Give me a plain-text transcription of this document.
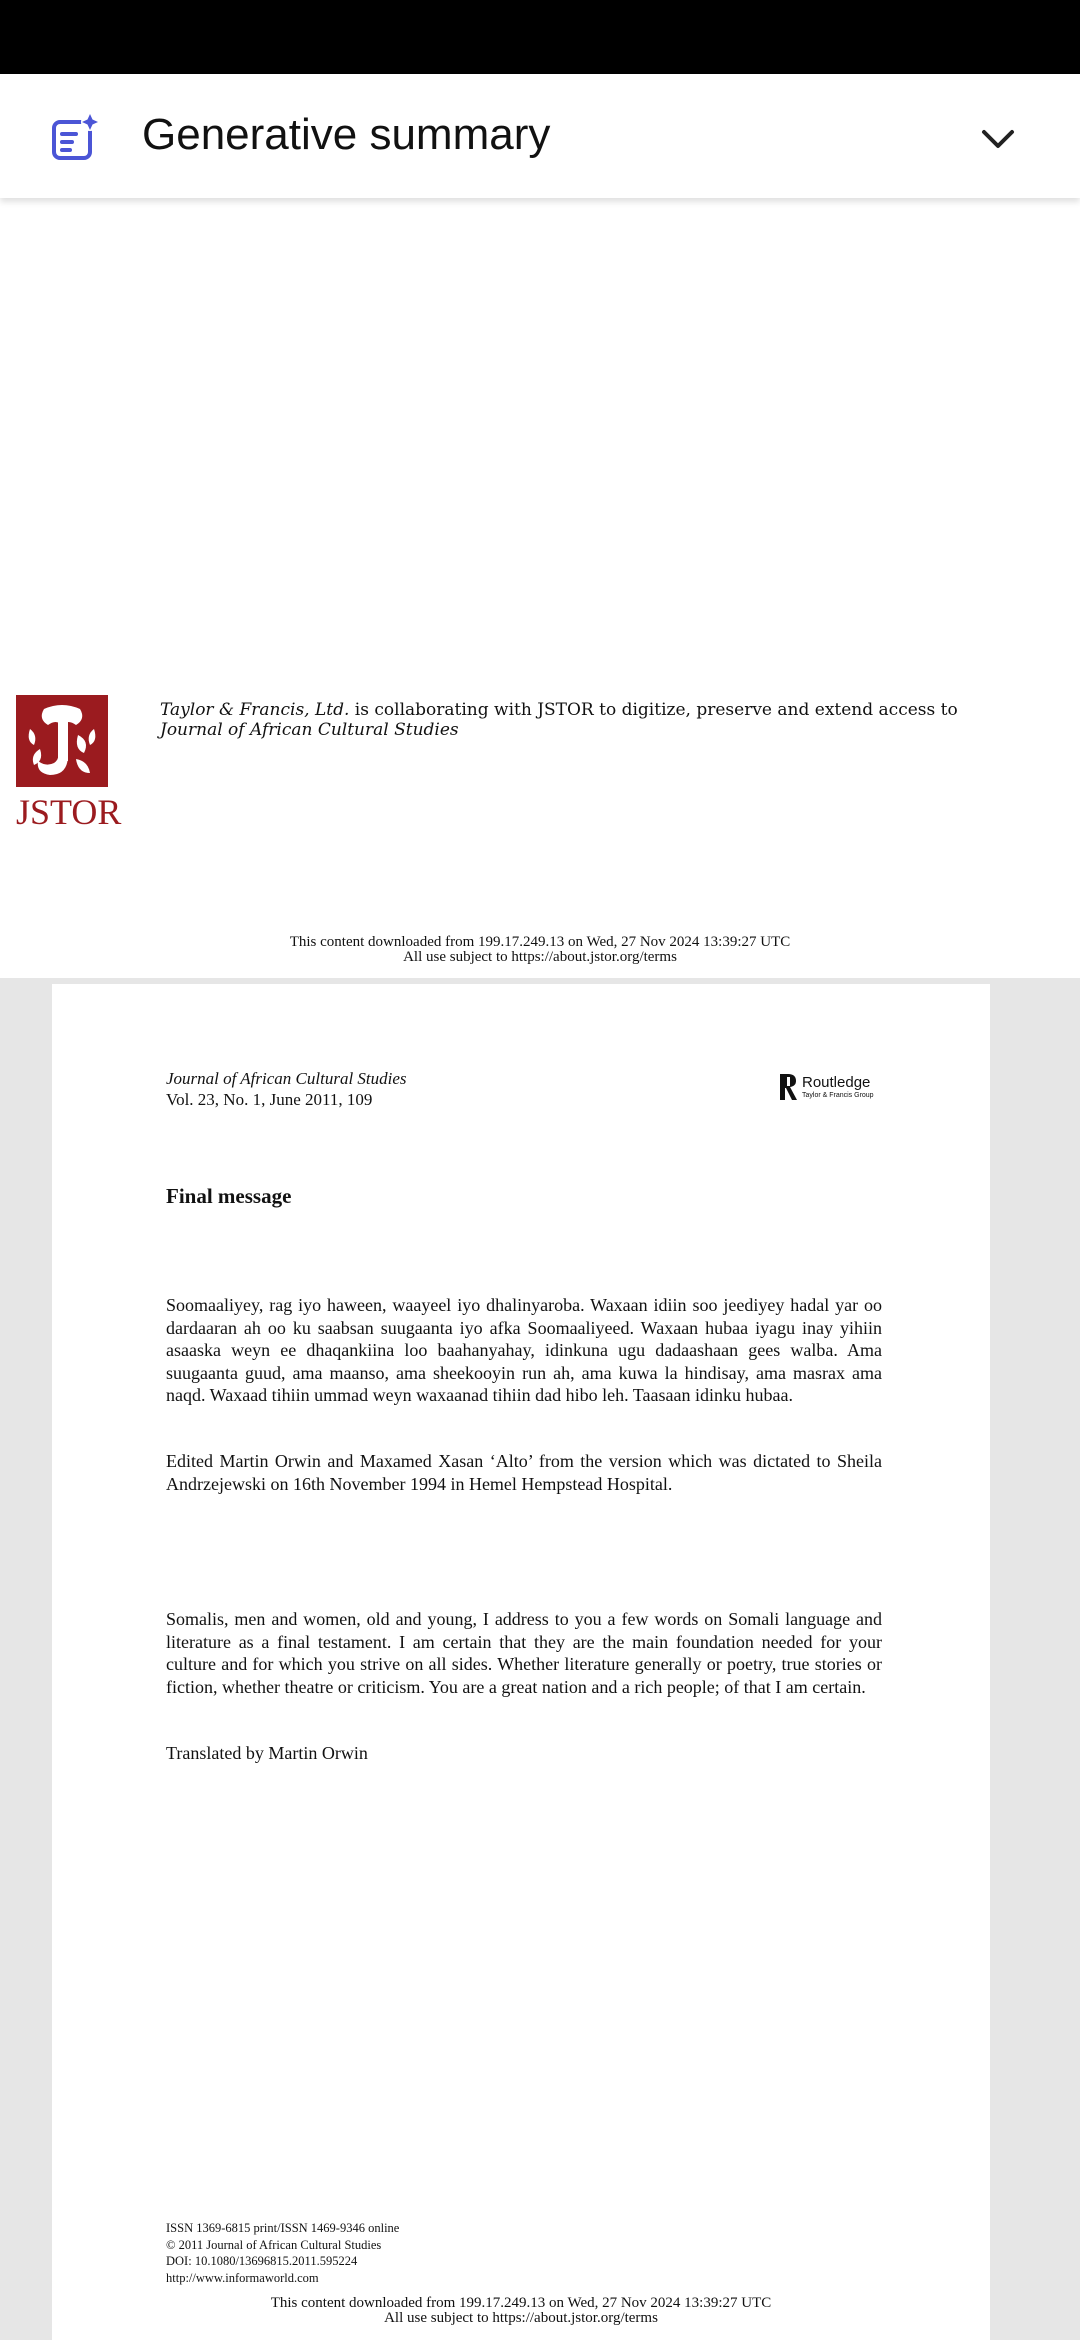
Generative summary
JSTOR
Taylor & Francis, Ltd. is collaborating with JSTOR to digitize, preserve and extend access to
Journal of African Cultural Studies
This content downloaded from 199.17.249.13 on Wed, 27 Nov 2024 13:39:27 UTC
All use subject to https://about.jstor.org/terms
Journal of African Cultural Studies
Vol. 23, No. 1, June 2011, 109
Routledge
Taylor & Francis Group
Final message
Soomaaliyey, rag iyo haween, waayeel iyo dhalinyaroba. Waxaan idiin soo jeediyey hadal yar oo dardaaran ah oo ku saabsan suugaanta iyo afka Soomaaliyeed. Waxaan hubaa iyagu inay yihiin asaaska weyn ee dhaqankiina loo baahanyahay, idinkuna ugu dadaashaan gees walba. Ama suugaanta guud, ama maanso, ama sheekooyin run ah, ama kuwa la hindisay, ama masrax ama naqd. Waxaad tihiin ummad weyn waxaanad tihiin dad hibo leh. Taasaan idinku hubaa.
Edited Martin Orwin and Maxamed Xasan ‘Alto’ from the version which was dictated to Sheila Andrzejewski on 16th November 1994 in Hemel Hempstead Hospital.
Somalis, men and women, old and young, I address to you a few words on Somali language and literature as a final testament. I am certain that they are the main foundation needed for your culture and for which you strive on all sides. Whether literature generally or poetry, true stories or fiction, whether theatre or criticism. You are a great nation and a rich people; of that I am certain.
Translated by Martin Orwin
ISSN 1369-6815 print/ISSN 1469-9346 online
© 2011 Journal of African Cultural Studies
DOI: 10.1080/13696815.2011.595224
http://www.informaworld.com
This content downloaded from 199.17.249.13 on Wed, 27 Nov 2024 13:39:27 UTC
All use subject to https://about.jstor.org/terms
